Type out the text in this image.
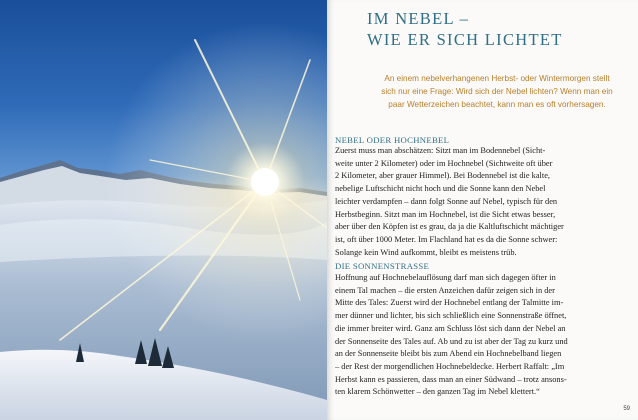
IM NEBEL –
WIE ER SICH LICHTET
An einem nebelverhangenen Herbst- oder Wintermorgen stellt
sich nur eine Frage: Wird sich der Nebel lichten? Wenn man ein
paar Wetterzeichen beachtet, kann man es oft vorhersagen.
NEBEL ODER HOCHNEBEL
Zuerst muss man abschätzen: Sitzt man im Bodennebel (Sicht-
weite unter 2 Kilometer) oder im Hochnebel (Sichtweite oft über
2 Kilometer, aber grauer Himmel). Bei Bodennebel ist die kalte,
nebelige Luftschicht nicht hoch und die Sonne kann den Nebel
leichter verdampfen – dann folgt Sonne auf Nebel, typisch für den
Herbstbeginn. Sitzt man im Hochnebel, ist die Sicht etwas besser,
aber über den Köpfen ist es grau, da ja die Kaltluftschicht mächtiger
ist, oft über 1000 Meter. Im Flachland hat es da die Sonne schwer:
Solange kein Wind aufkommt, bleibt es meistens trüb.
DIE SONNENSTRASSE
Hoffnung auf Hochnebelauflösung darf man sich dagegen öfter in
einem Tal machen – die ersten Anzeichen dafür zeigen sich in der
Mitte des Tales: Zuerst wird der Hochnebel entlang der Talmitte im-
mer dünner und lichter, bis sich schließlich eine Sonnenstraße öffnet,
die immer breiter wird. Ganz am Schluss löst sich dann der Nebel an
der Sonnenseite des Tales auf. Ab und zu ist aber der Tag zu kurz und
an der Sonnenseite bleibt bis zum Abend ein Hochnebelband liegen
– der Rest der morgendlichen Hochnebeldecke. Herbert Raffalt: „Im
Herbst kann es passieren, dass man an einer Südwand – trotz ansons-
ten klarem Schönwetter – den ganzen Tag im Nebel klettert.“
59
